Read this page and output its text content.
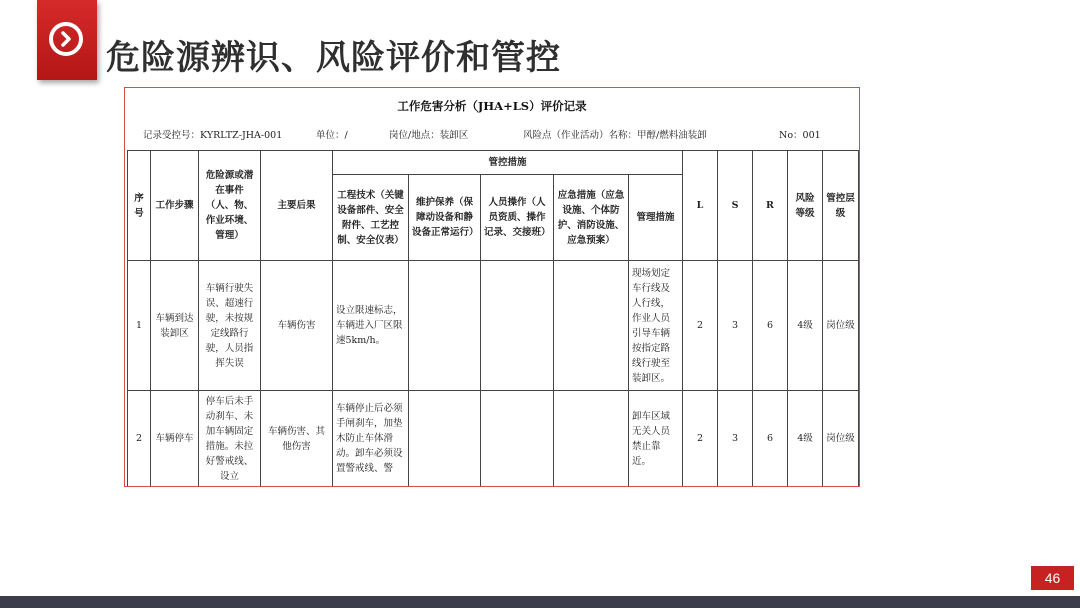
危险源辨识、风险评价和管控
工作危害分析（JHA+LS）评价记录
记录受控号：KYRLTZ-JHA-001	单位：/	岗位/地点：装卸区	风险点（作业活动）名称：甲醇/燃料油装卸	No：001
序号	工作步骤	危险源或潜在事件（人、物、作业环境、管理）	主要后果	管控措施					L	S	R	风险等级	管控层级
				工程技术（关键设备部件、安全附件、工艺控制、安全仪表）	维护保养（保障动设备和静设备正常运行）	人员操作（人员资质、操作记录、交接班）	应急措施（应急设施、个体防护、消防设施、应急预案）	管理措施					
1	车辆到达装卸区	车辆行驶失误、超速行驶，未按规定线路行驶，人员指挥失误	车辆伤害	设立限速标志，车辆进入厂区限速5km/h。				现场划定车行线及人行线，作业人员引导车辆按指定路线行驶至装卸区。	2	3	6	4级	岗位级
2	车辆停车	停车后未手动刹车、未加车辆固定措施。未拉好警戒线、设立	车辆伤害、其他伤害	车辆停止后必须手闸刹车，加垫木防止车体滑动。卸车必须设置警戒线、警				卸车区域无关人员禁止靠近。	2	3	6	4级	岗位级
46
